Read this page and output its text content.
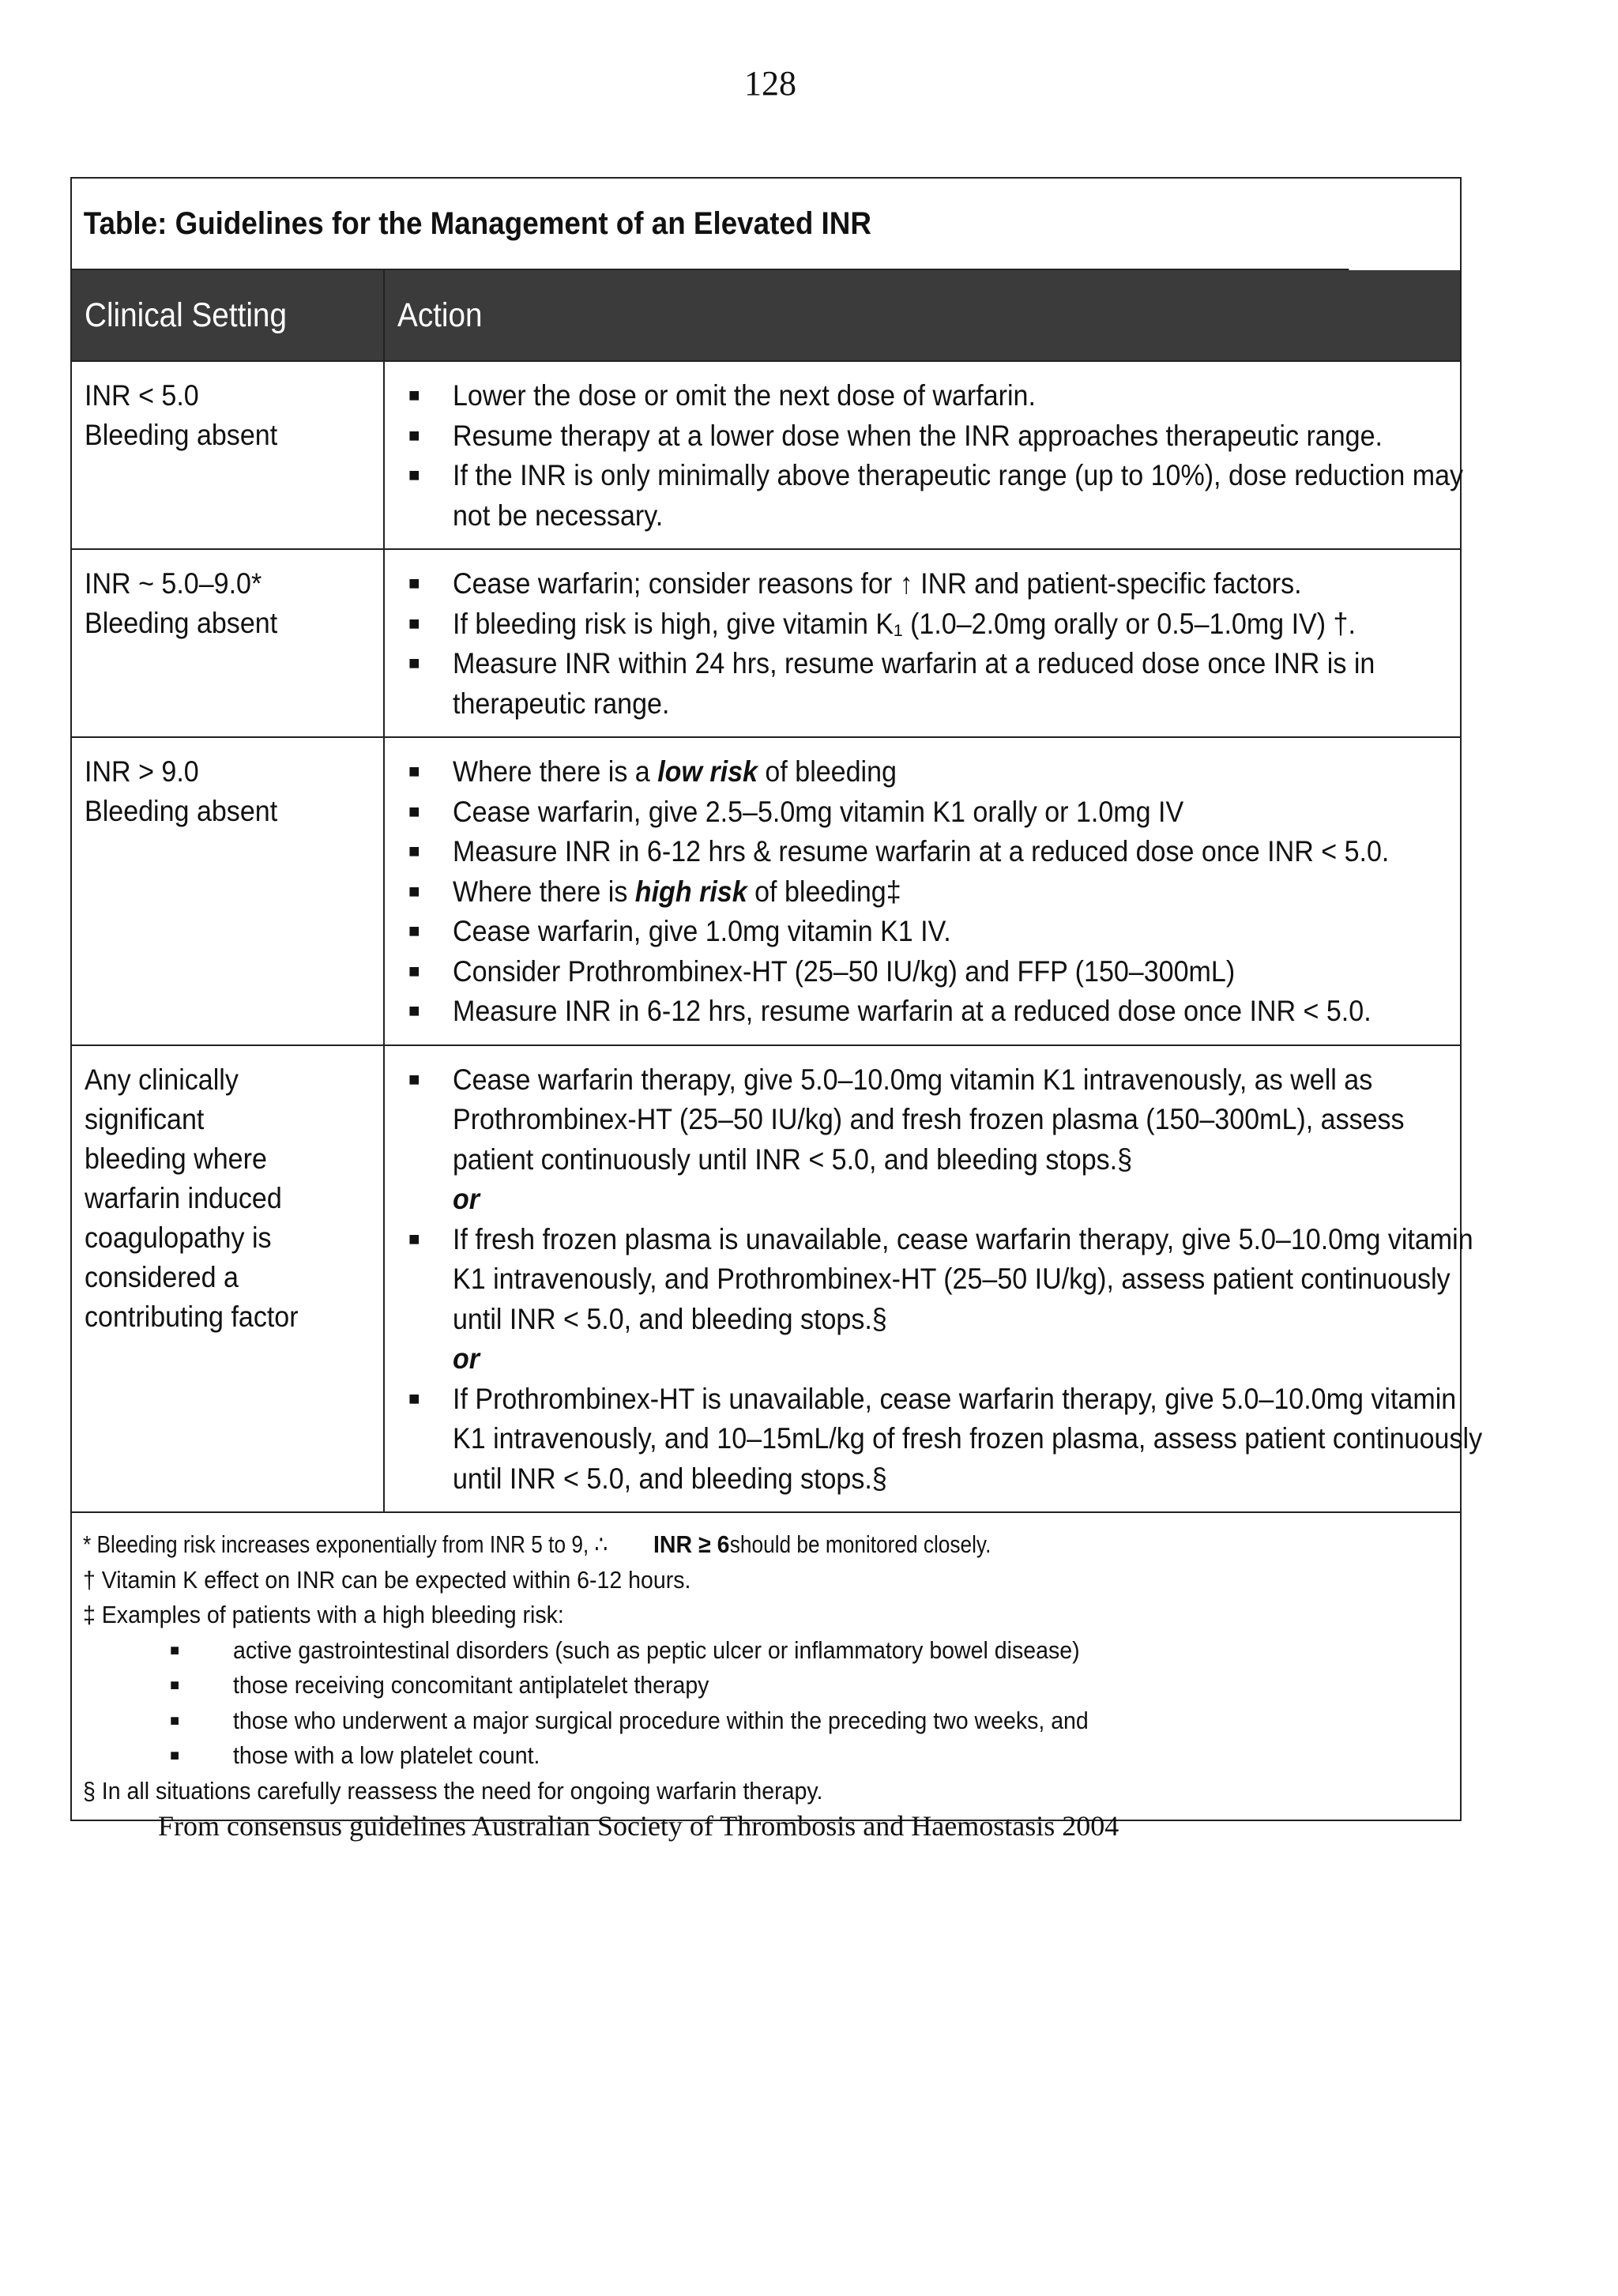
128
Table: Guidelines for the Management of an Elevated INR
Clinical Setting	Action
INR < 5.0
Bleeding absent
■ Lower the dose or omit the next dose of warfarin.
■ Resume therapy at a lower dose when the INR approaches therapeutic range.
■ If the INR is only minimally above therapeutic range (up to 10%), dose reduction may not be necessary.
INR ~ 5.0–9.0*
Bleeding absent
■ Cease warfarin; consider reasons for ↑ INR and patient-specific factors.
■ If bleeding risk is high, give vitamin K₁ (1.0–2.0mg orally or 0.5–1.0mg IV) †.
■ Measure INR within 24 hrs, resume warfarin at a reduced dose once INR is in therapeutic range.
INR > 9.0
Bleeding absent
■ Where there is a low risk of bleeding
■ Cease warfarin, give 2.5–5.0mg vitamin K1 orally or 1.0mg IV
■ Measure INR in 6-12 hrs & resume warfarin at a reduced dose once INR < 5.0.
■ Where there is high risk of bleeding‡
■ Cease warfarin, give 1.0mg vitamin K1 IV.
■ Consider Prothrombinex-HT (25–50 IU/kg) and FFP (150–300mL)
■ Measure INR in 6-12 hrs, resume warfarin at a reduced dose once INR < 5.0.
Any clinically
significant
bleeding where
warfarin induced
coagulopathy is
considered a
contributing factor
■ Cease warfarin therapy, give 5.0–10.0mg vitamin K1 intravenously, as well as Prothrombinex-HT (25–50 IU/kg) and fresh frozen plasma (150–300mL), assess patient continuously until INR < 5.0, and bleeding stops.§
or
■ If fresh frozen plasma is unavailable, cease warfarin therapy, give 5.0–10.0mg vitamin K1 intravenously, and Prothrombinex-HT (25–50 IU/kg), assess patient continuously until INR < 5.0, and bleeding stops.§
or
■ If Prothrombinex-HT is unavailable, cease warfarin therapy, give 5.0–10.0mg vitamin K1 intravenously, and 10–15mL/kg of fresh frozen plasma, assess patient continuously until INR < 5.0, and bleeding stops.§
* Bleeding risk increases exponentially from INR 5 to 9, ∴INR ≥ 6should be monitored closely.
† Vitamin K effect on INR can be expected within 6-12 hours.
‡ Examples of patients with a high bleeding risk:
■ active gastrointestinal disorders (such as peptic ulcer or inflammatory bowel disease)
■ those receiving concomitant antiplatelet therapy
■ those who underwent a major surgical procedure within the preceding two weeks, and
■ those with a low platelet count.
§ In all situations carefully reassess the need for ongoing warfarin therapy.
From consensus guidelines Australian Society of Thrombosis and Haemostasis 2004
